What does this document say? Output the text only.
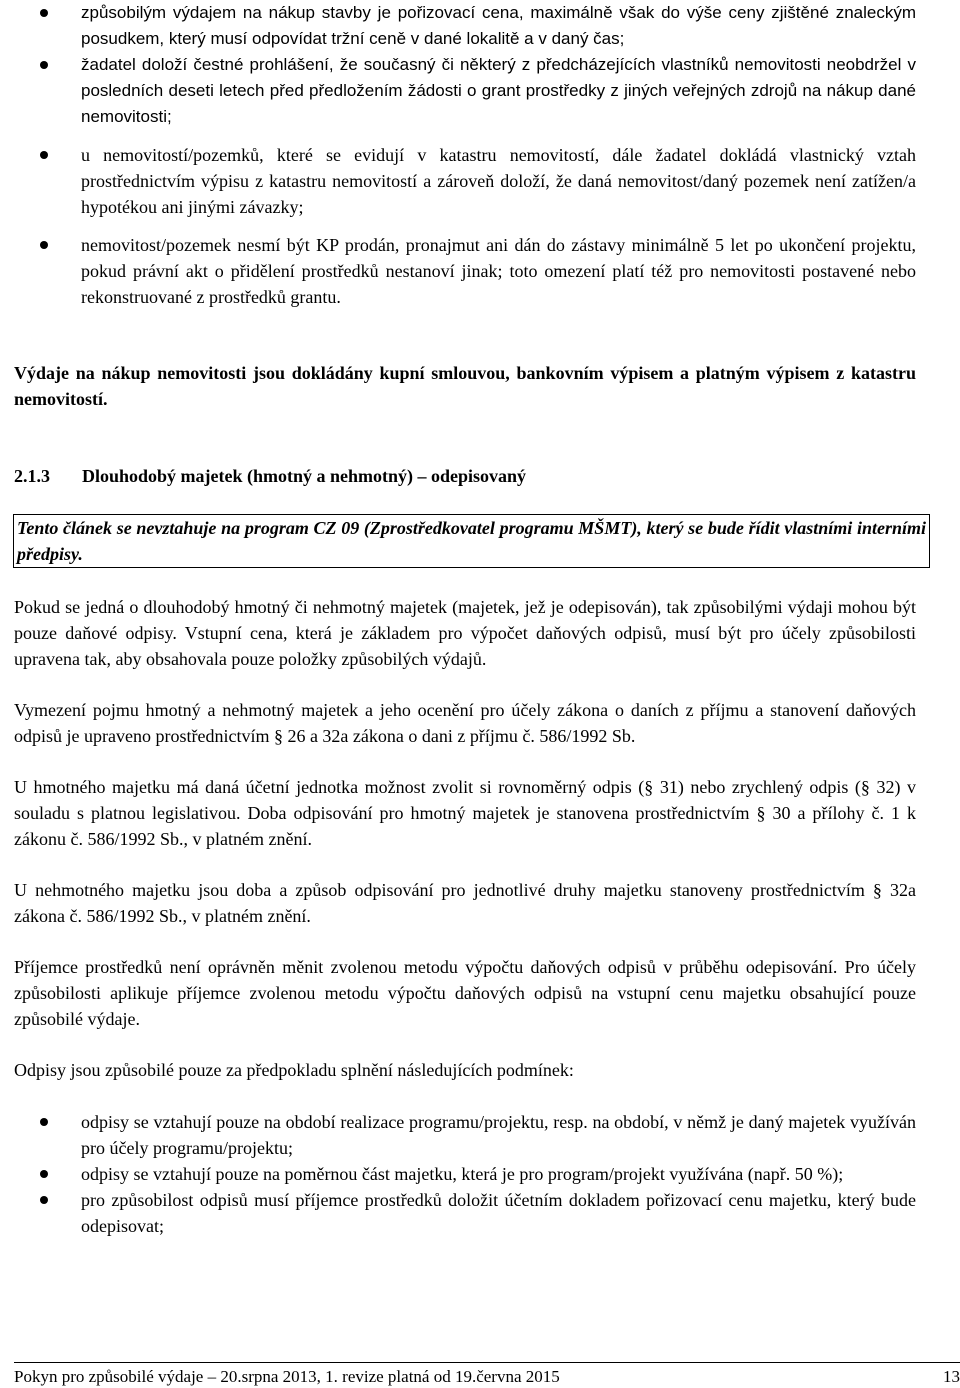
způsobilým výdajem na nákup stavby je pořizovací cena, maximálně však do výše ceny zjištěné znaleckým posudkem, který musí odpovídat tržní ceně v dané lokalitě a v daný čas;
žadatel doloží čestné prohlášení, že současný či některý z předcházejících vlastníků nemovitosti neobdržel v posledních deseti letech před předložením žádosti o grant prostředky z jiných veřejných zdrojů na nákup dané nemovitosti;
u nemovitostí/pozemků, které se evidují v katastru nemovitostí, dále žadatel dokládá vlastnický vztah prostřednictvím výpisu z katastru nemovitostí a zároveň doloží, že daná nemovitost/daný pozemek není zatížen/a hypotékou ani jinými závazky;
nemovitost/pozemek nesmí být KP prodán, pronajmut ani dán do zástavy minimálně 5 let po ukončení projektu, pokud právní akt o přidělení prostředků nestanoví jinak; toto omezení platí též pro nemovitosti postavené nebo rekonstruované z prostředků grantu.

Výdaje na nákup nemovitosti jsou dokládány kupní smlouvou, bankovním výpisem a platným výpisem z katastru nemovitostí.

2.1.3 Dlouhodobý majetek (hmotný a nehmotný) – odepisovaný

Tento článek se nevztahuje na program CZ 09 (Zprostředkovatel programu MŠMT), který se bude řídit vlastními interními předpisy.

Pokud se jedná o dlouhodobý hmotný či nehmotný majetek (majetek, jež je odepisován), tak způsobilými výdaji mohou být pouze daňové odpisy. Vstupní cena, která je základem pro výpočet daňových odpisů, musí být pro účely způsobilosti upravena tak, aby obsahovala pouze položky způsobilých výdajů.

Vymezení pojmu hmotný a nehmotný majetek a jeho ocenění pro účely zákona o daních z příjmu a stanovení daňových odpisů je upraveno prostřednictvím § 26 a 32a zákona o dani z příjmu č. 586/1992 Sb.

U hmotného majetku má daná účetní jednotka možnost zvolit si rovnoměrný odpis (§ 31) nebo zrychlený odpis (§ 32) v souladu s platnou legislativou. Doba odpisování pro hmotný majetek je stanovena prostřednictvím § 30 a přílohy č. 1 k zákonu č. 586/1992 Sb., v platném znění.

U nehmotného majetku jsou doba a způsob odpisování pro jednotlivé druhy majetku stanoveny prostřednictvím § 32a zákona č. 586/1992 Sb., v platném znění.

Příjemce prostředků není oprávněn měnit zvolenou metodu výpočtu daňových odpisů v průběhu odepisování. Pro účely způsobilosti aplikuje příjemce zvolenou metodu výpočtu daňových odpisů na vstupní cenu majetku obsahující pouze způsobilé výdaje.

Odpisy jsou způsobilé pouze za předpokladu splnění následujících podmínek:

odpisy se vztahují pouze na období realizace programu/projektu, resp. na období, v němž je daný majetek využíván pro účely programu/projektu;
odpisy se vztahují pouze na poměrnou část majetku, která je pro program/projekt využívána (např. 50 %);
pro způsobilost odpisů musí příjemce prostředků doložit účetním dokladem pořizovací cenu majetku, který bude odepisovat;
Pokyn pro způsobilé výdaje – 20.srpna 2013, 1. revize platná od 19.června 2015	13
